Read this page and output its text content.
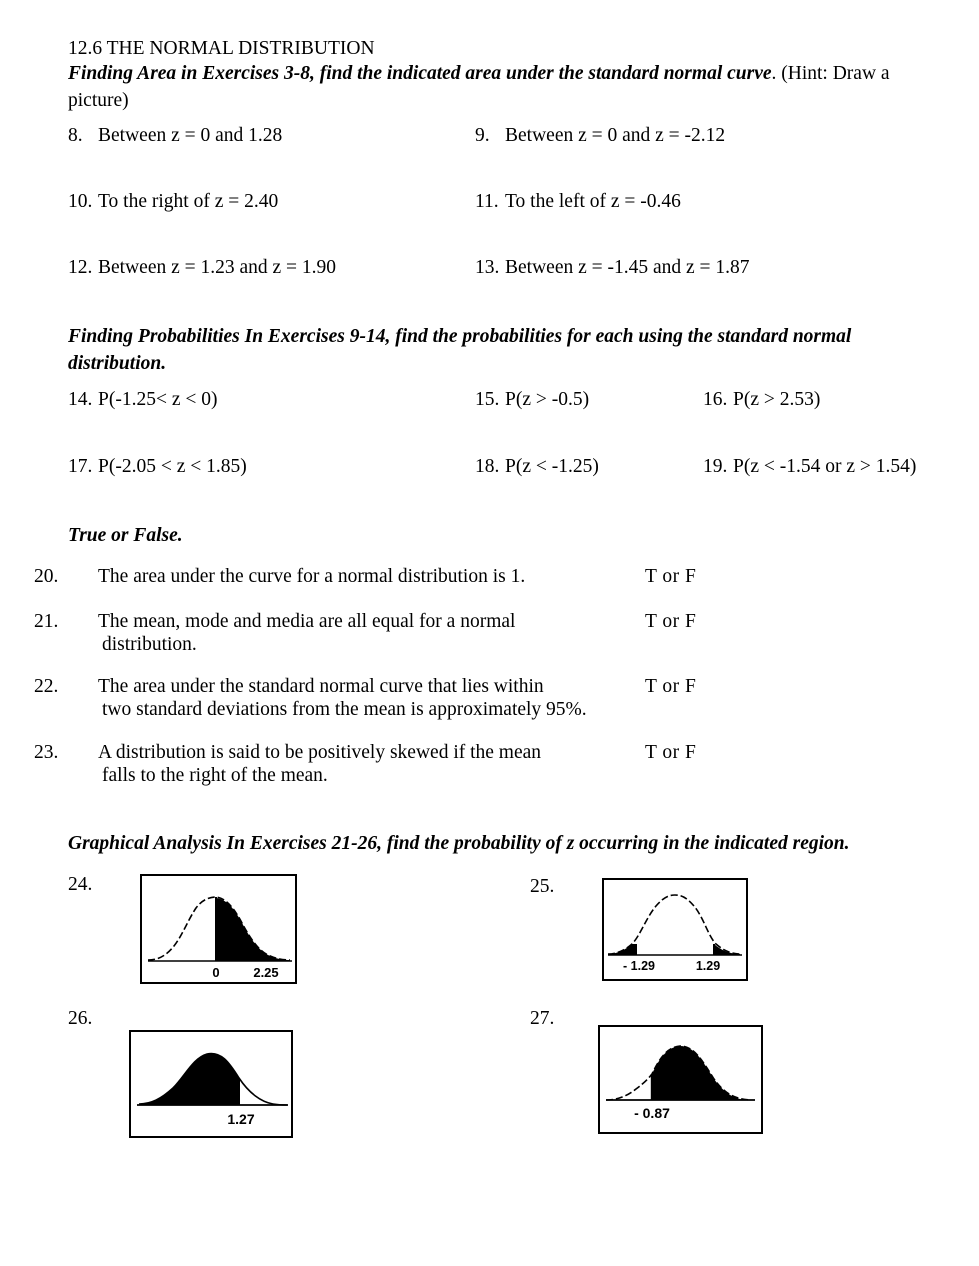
12.6 THE NORMAL DISTRIBUTION
Finding Area in Exercises 3-8, find the indicated area under the standard normal curve. (Hint: Draw a picture)
8. Between z = 0 and 1.28	9. Between z = 0 and z = -2.12
10. To the right of z = 2.40	11. To the left of z = -0.46
12. Between z = 1.23 and z = 1.90	13. Between z = -1.45 and z = 1.87
Finding Probabilities In Exercises 9-14, find the probabilities for each using the standard normal distribution.
14. P(-1.25< z < 0)	15. P(z > -0.5)	16. P(z > 2.53)
17. P(-2.05 < z < 1.85)	18. P(z < -1.25)	19. P(z < -1.54 or z > 1.54)
True or False.
20. The area under the curve for a normal distribution is 1.	T or F
21. The mean, mode and media are all equal for a normal
distribution.
T or F
22. The area under the standard normal curve that lies within
two standard deviations from the mean is approximately 95%.
T or F
23. A distribution is said to be positively skewed if the mean
falls to the right of the mean.
T or F
Graphical Analysis In Exercises 21-26, find the probability of z occurring in the indicated region.
24.
0	2.25
25.
- 1.29	1.29
26.
1.27
27.
- 0.87
